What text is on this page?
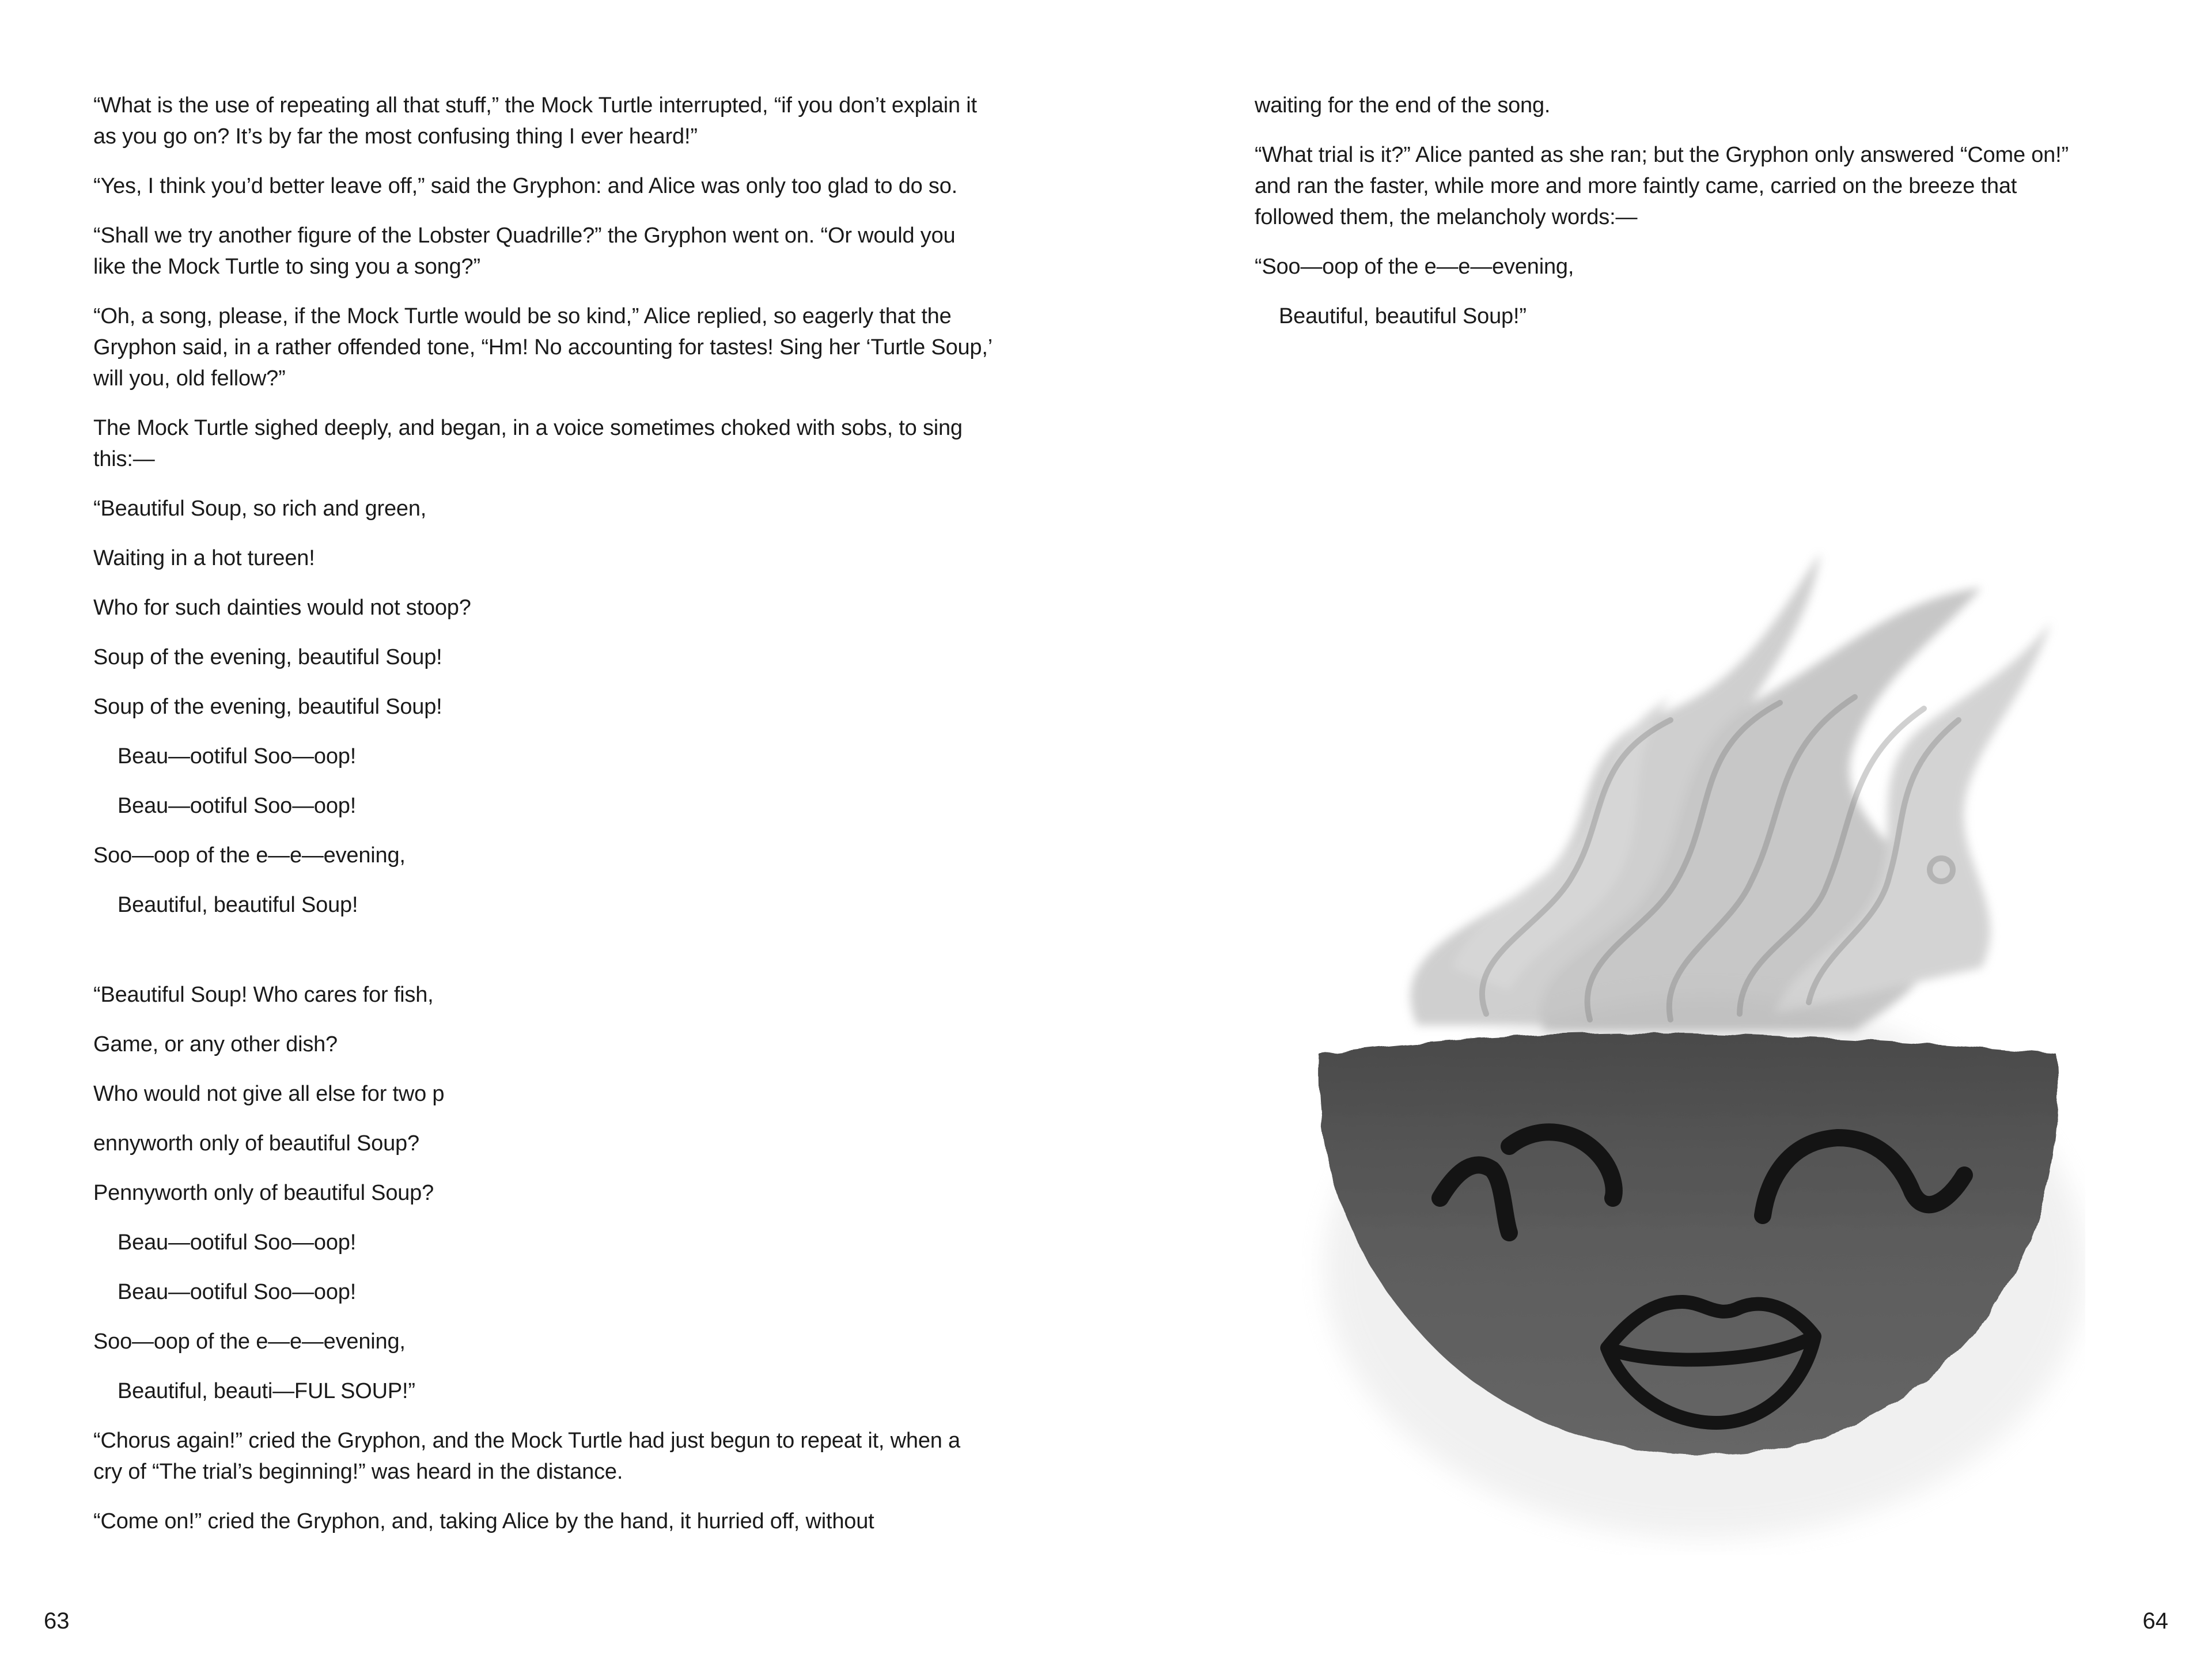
“What is the use of repeating all that stuff,” the Mock Turtle interrupted, “if you don’t explain it as you go on? It’s by far the most confusing thing I ever heard!”

“Yes, I think you’d better leave off,” said the Gryphon: and Alice was only too glad to do so.

“Shall we try another figure of the Lobster Quadrille?” the Gryphon went on. “Or would you like the Mock Turtle to sing you a song?”

“Oh, a song, please, if the Mock Turtle would be so kind,” Alice replied, so eagerly that the Gryphon said, in a rather offended tone, “Hm! No accounting for tastes! Sing her ‘Turtle Soup,’ will you, old fellow?”

The Mock Turtle sighed deeply, and began, in a voice sometimes choked with sobs, to sing this:—

“Beautiful Soup, so rich and green,

Waiting in a hot tureen!

Who for such dainties would not stoop?

Soup of the evening, beautiful Soup!

Soup of the evening, beautiful Soup!

Beau—ootiful Soo—oop!

Beau—ootiful Soo—oop!

Soo—oop of the e—e—evening,

Beautiful, beautiful Soup!

“Beautiful Soup! Who cares for fish,

Game, or any other dish?

Who would not give all else for two p

ennyworth only of beautiful Soup?

Pennyworth only of beautiful Soup?

Beau—ootiful Soo—oop!

Beau—ootiful Soo—oop!

Soo—oop of the e—e—evening,

Beautiful, beauti—FUL SOUP!”

“Chorus again!” cried the Gryphon, and the Mock Turtle had just begun to repeat it, when a cry of “The trial’s beginning!” was heard in the distance.

“Come on!” cried the Gryphon, and, taking Alice by the hand, it hurried off, without

63

waiting for the end of the song.

“What trial is it?” Alice panted as she ran; but the Gryphon only answered “Come on!” and ran the faster, while more and more faintly came, carried on the breeze that followed them, the melancholy words:—

“Soo—oop of the e—e—evening,

Beautiful, beautiful Soup!”

64
